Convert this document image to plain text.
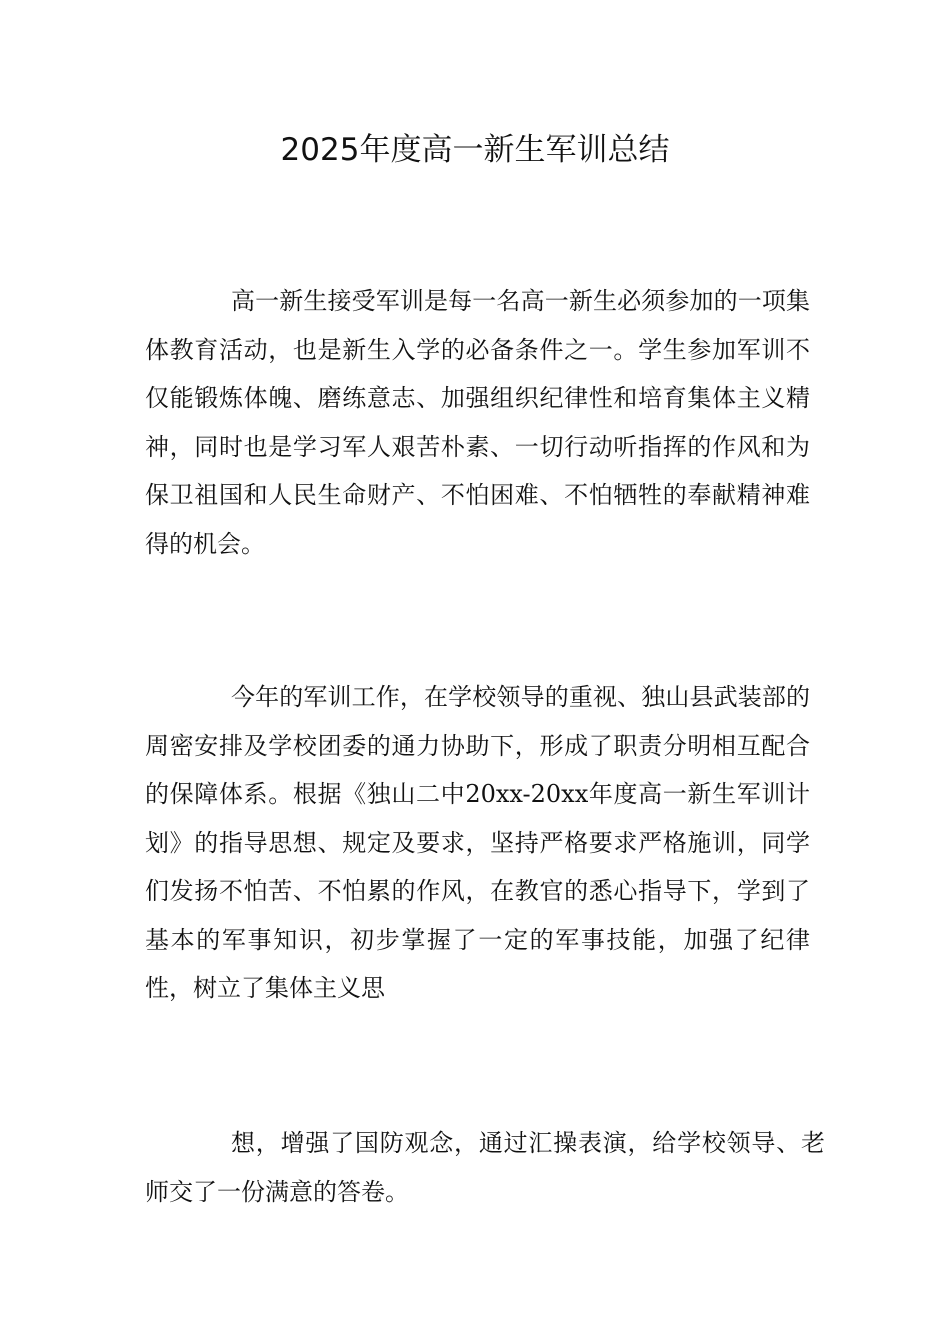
2025年度高一新生军训总结

高一新生接受军训是每一名高一新生必须参加的一项集体教育活动，也是新生入学的必备条件之一。学生参加军训不仅能锻炼体魄、磨练意志、加强组织纪律性和培育集体主义精神，同时也是学习军人艰苦朴素、一切行动听指挥的作风和为保卫祖国和人民生命财产、不怕困难、不怕牺牲的奉献精神难得的机会。

今年的军训工作，在学校领导的重视、独山县武装部的周密安排及学校团委的通力协助下，形成了职责分明相互配合的保障体系。根据《独山二中20xx-20xx年度高一新生军训计划》的指导思想、规定及要求，坚持严格要求严格施训，同学们发扬不怕苦、不怕累的作风，在教官的悉心指导下，学到了基本的军事知识，初步掌握了一定的军事技能，加强了纪律性，树立了集体主义思

想，增强了国防观念，通过汇操表演，给学校领导、老师交了一份满意的答卷。
